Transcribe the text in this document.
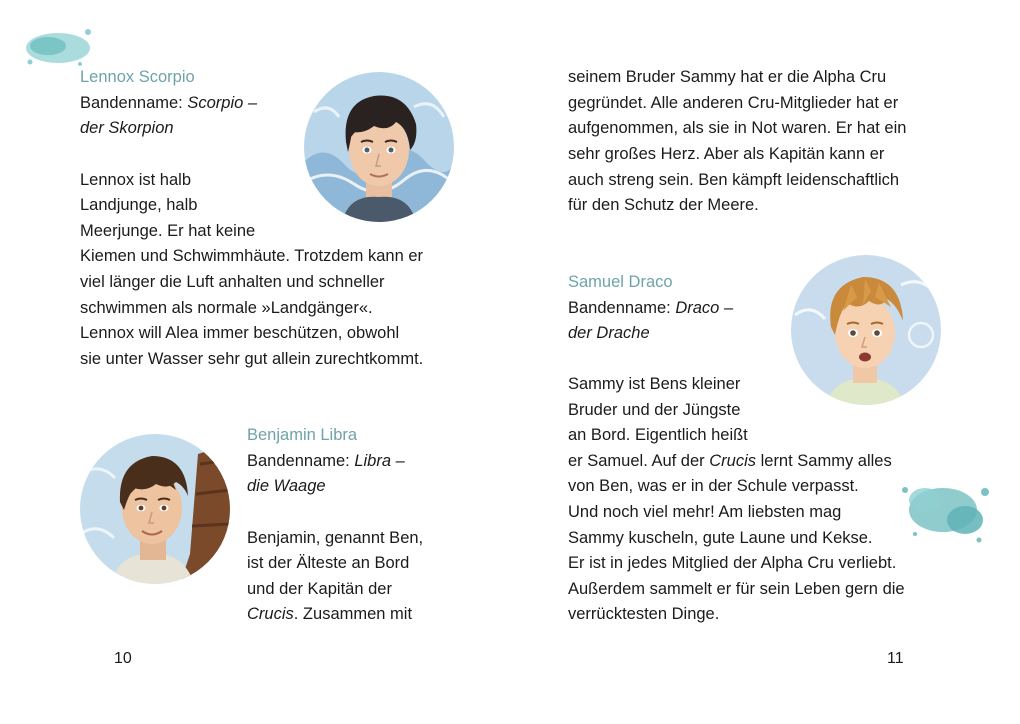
Lennox Scorpio
Bandenname: Scorpio –
der Skorpion
Lennox ist halb
Landjunge, halb
Meerjunge. Er hat keine
Kiemen und Schwimmhäute. Trotzdem kann er
viel länger die Luft anhalten und schneller
schwimmen als normale »Landgänger«.
Lennox will Alea immer beschützen, obwohl
sie unter Wasser sehr gut allein zurechtkommt.
Benjamin Libra
Bandenname: Libra –
die Waage
Benjamin, genannt Ben,
ist der Älteste an Bord
und der Kapitän der
Crucis. Zusammen mit
10
seinem Bruder Sammy hat er die Alpha Cru
gegründet. Alle anderen Cru-Mitglieder hat er
aufgenommen, als sie in Not waren. Er hat ein
sehr großes Herz. Aber als Kapitän kann er
auch streng sein. Ben kämpft leidenschaftlich
für den Schutz der Meere.
Samuel Draco
Bandenname: Draco –
der Drache
Sammy ist Bens kleiner
Bruder und der Jüngste
an Bord. Eigentlich heißt
er Samuel. Auf der Crucis lernt Sammy alles
von Ben, was er in der Schule verpasst.
Und noch viel mehr! Am liebsten mag
Sammy kuscheln, gute Laune und Kekse.
Er ist in jedes Mitglied der Alpha Cru verliebt.
Außerdem sammelt er für sein Leben gern die
verrücktesten Dinge.
11
